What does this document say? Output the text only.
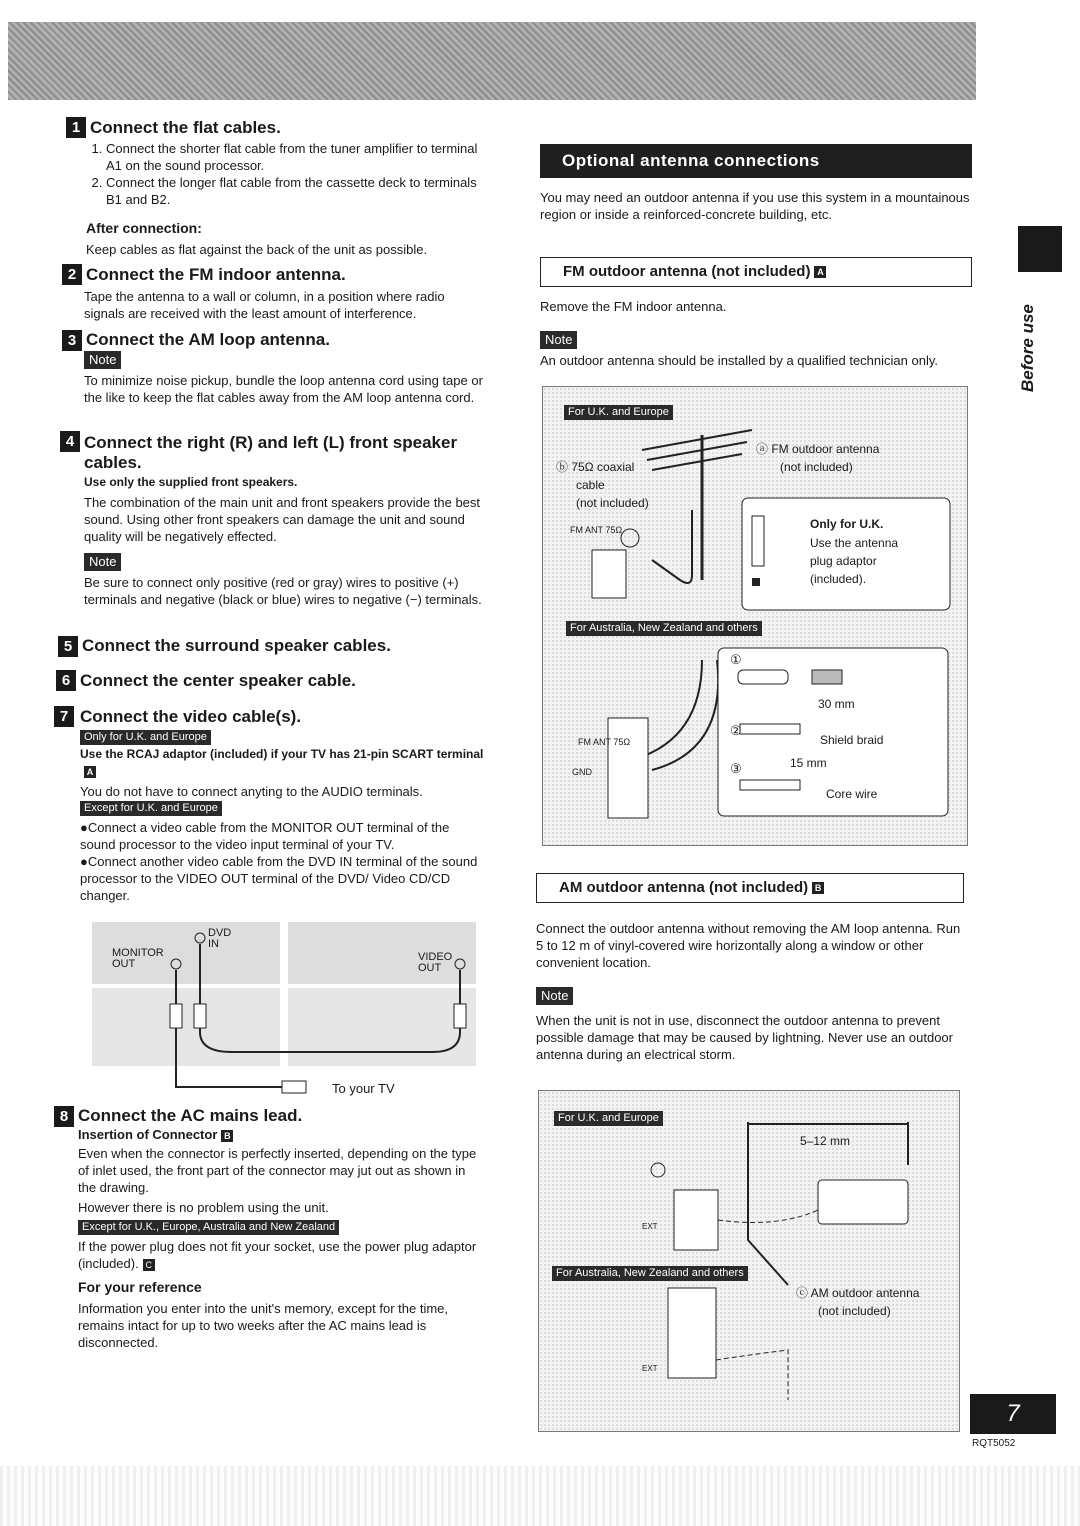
1 Connect the flat cables.
1. Connect the shorter flat cable from the tuner amplifier to terminal A1 on the sound processor.
2. Connect the longer flat cable from the cassette deck to terminals B1 and B2.
After connection:
Keep cables as flat against the back of the unit as possible.
2 Connect the FM indoor antenna.
Tape the antenna to a wall or column, in a position where radio signals are received with the least amount of interference.
3 Connect the AM loop antenna.
Note
To minimize noise pickup, bundle the loop antenna cord using tape or the like to keep the flat cables away from the AM loop antenna cord.
4 Connect the right (R) and left (L) front speaker cables.
Use only the supplied front speakers.
The combination of the main unit and front speakers provide the best sound. Using other front speakers can damage the unit and sound quality will be negatively effected.
Note
Be sure to connect only positive (red or gray) wires to positive (+) terminals and negative (black or blue) wires to negative (−) terminals.
5 Connect the surround speaker cables.
6 Connect the center speaker cable.
7 Connect the video cable(s).
Only for U.K. and Europe
Use the RCAJ adaptor (included) if your TV has 21-pin SCART terminalA
You do not have to connect anyting to the AUDIO terminals.
Except for U.K. and Europe

●Connect a video cable from the MONITOR OUT terminal of the sound processor to the video input terminal of your TV.

●Connect another video cable from the DVD IN terminal of the sound processor to the VIDEO OUT terminal of the DVD/ Video CD/CD changer.

MONITOR OUT
DVD IN
VIDEO OUT
To your TV
8 Connect the AC mains lead.
Insertion of Connector B
Even when the connector is perfectly inserted, depending on the type of inlet used, the front part of the connector may jut out as shown in the drawing.
However there is no problem using the unit.
Except for U.K., Europe, Australia and New Zealand
If the power plug does not fit your socket, use the power plug adaptor (included). C
For your reference
Information you enter into the unit's memory, except for the time, remains intact for up to two weeks after the AC mains lead is disconnected.
Optional antenna connections
You may need an outdoor antenna if you use this system in a mountainous region or inside a reinforced-concrete building, etc.
FM outdoor antenna (not included) A
Remove the FM indoor antenna.
Note
An outdoor antenna should be installed by a qualified technician only.
For U.K. and Europe
ⓐ FM outdoor antenna
(not included)
ⓑ 75Ω coaxial
cable
(not included)
FM ANT 75Ω	Only for U.K.
Use the antenna
plug adaptor
(included).
For Australia, New Zealand and others
FM ANT 75Ω
GND
①
30 mm
②
Shield braid
③	15 mm
Core wire
AM outdoor antenna (not included) B
Connect the outdoor antenna without removing the AM loop antenna. Run 5 to 12 m of vinyl-covered wire horizontally along a window or other convenient location.
Note
When the unit is not in use, disconnect the outdoor antenna to prevent possible damage that may be caused by lightning. Never use an outdoor antenna during an electrical storm.
For U.K. and Europe
5–12 mm
EXT
For Australia, New Zealand and others
ⓒ AM outdoor antenna
(not included)
EXT
Before use
7
RQT5052
